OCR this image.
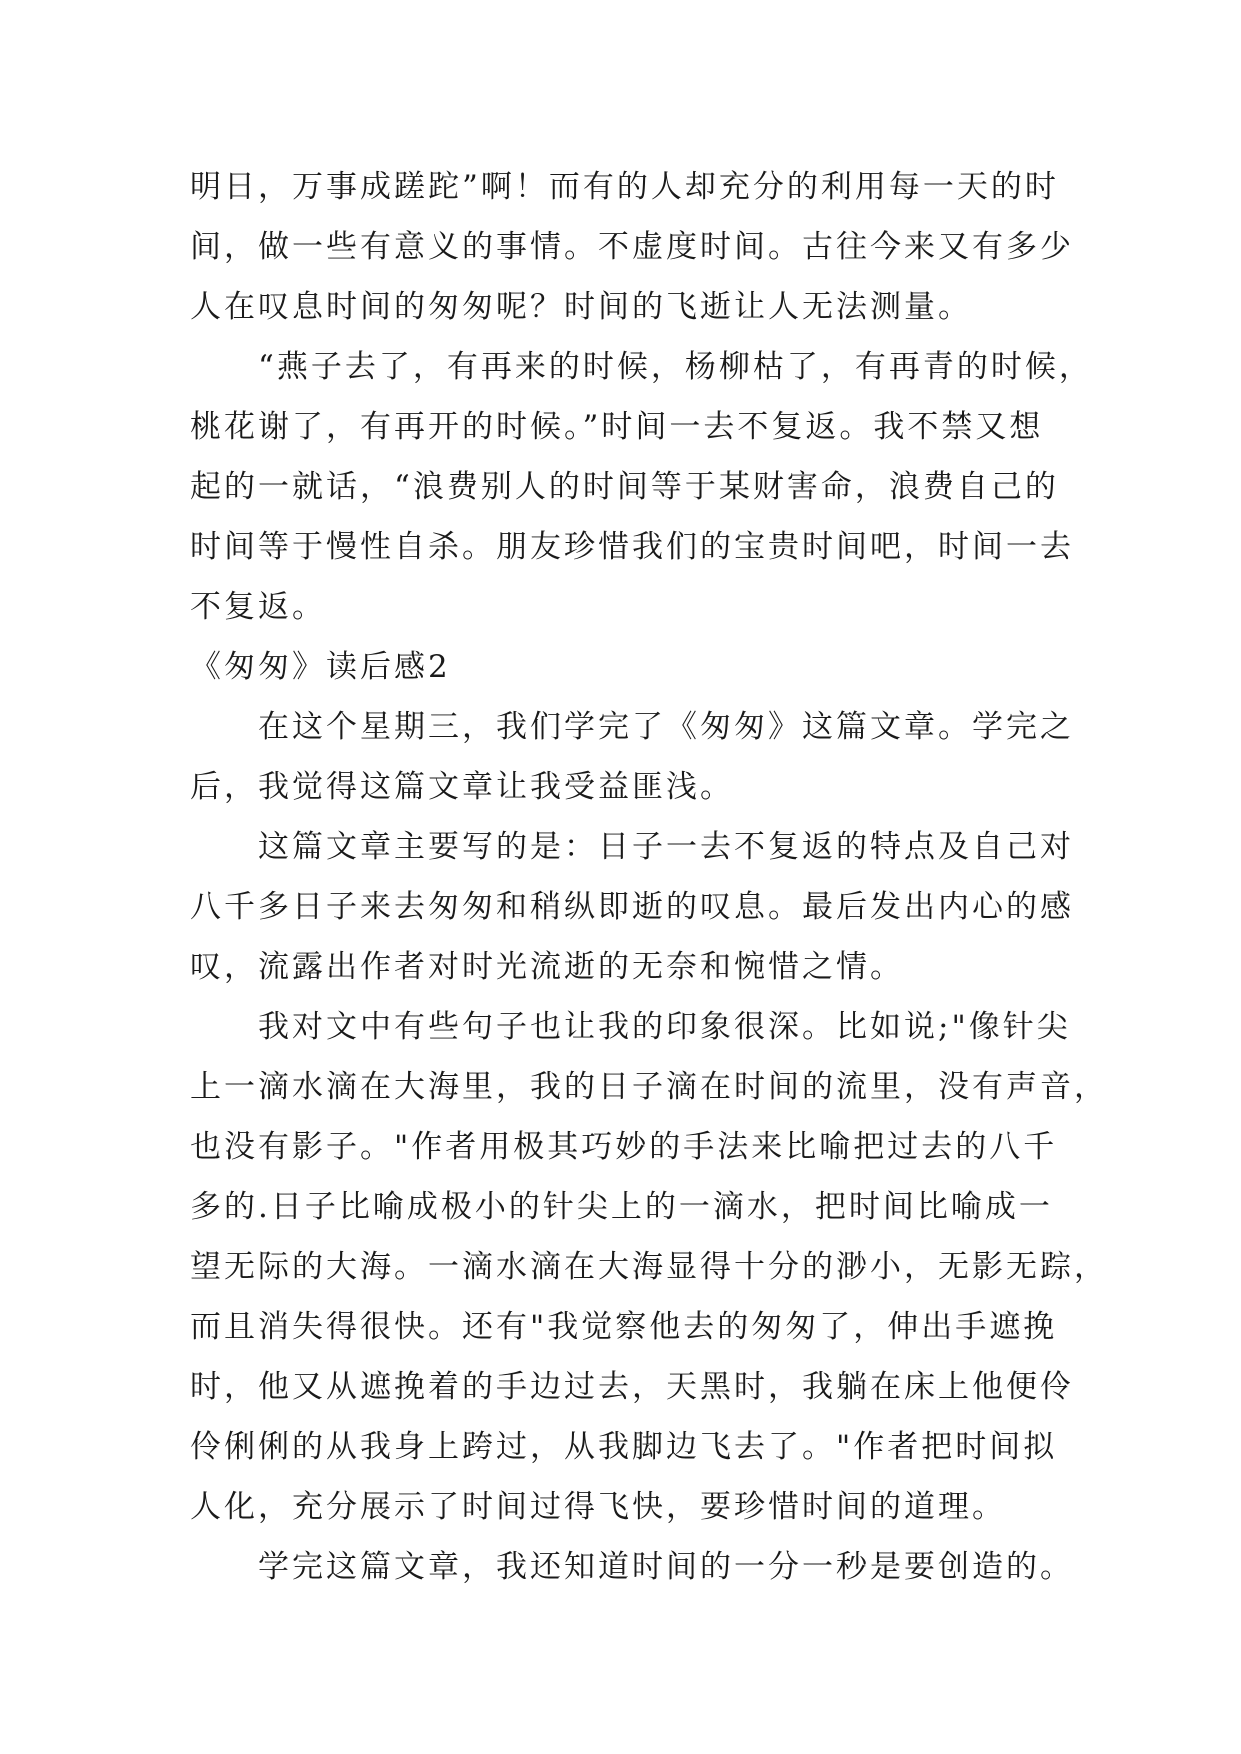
明日，万事成蹉跎”啊！而有的人却充分的利用每一天的时
间，做一些有意义的事情。不虚度时间。古往今来又有多少
人在叹息时间的匆匆呢？时间的飞逝让人无法测量。
“燕子去了，有再来的时候，杨柳枯了，有再青的时候，
桃花谢了，有再开的时候。”时间一去不复返。我不禁又想
起的一就话，“浪费别人的时间等于某财害命，浪费自己的
时间等于慢性自杀。朋友珍惜我们的宝贵时间吧，时间一去
不复返。
《匆匆》读后感2
在这个星期三，我们学完了《匆匆》这篇文章。学完之
后，我觉得这篇文章让我受益匪浅。
这篇文章主要写的是：日子一去不复返的特点及自己对
八千多日子来去匆匆和稍纵即逝的叹息。最后发出内心的感
叹，流露出作者对时光流逝的无奈和惋惜之情。
我对文中有些句子也让我的印象很深。比如说;"像针尖
上一滴水滴在大海里，我的日子滴在时间的流里，没有声音，
也没有影子。"作者用极其巧妙的手法来比喻把过去的八千
多的.日子比喻成极小的针尖上的一滴水，把时间比喻成一
望无际的大海。一滴水滴在大海显得十分的渺小，无影无踪，
而且消失得很快。还有"我觉察他去的匆匆了，伸出手遮挽
时，他又从遮挽着的手边过去，天黑时，我躺在床上他便伶
伶俐俐的从我身上跨过，从我脚边飞去了。"作者把时间拟
人化，充分展示了时间过得飞快，要珍惜时间的道理。
学完这篇文章，我还知道时间的一分一秒是要创造的。
